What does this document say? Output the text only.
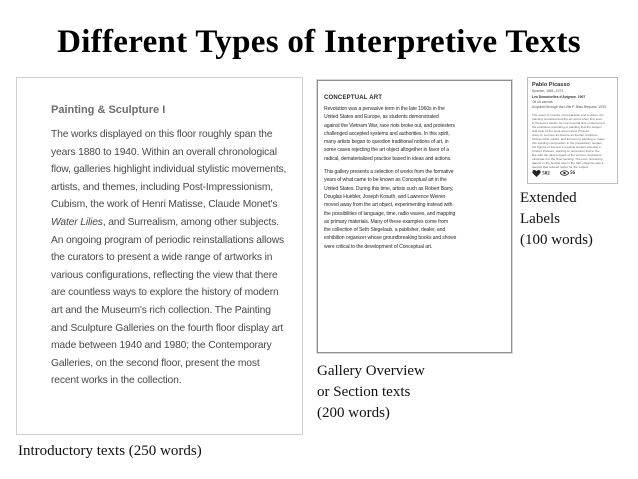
Different Types of Interpretive Texts
Painting & Sculpture I

The works displayed on this floor roughly span the
years 1880 to 1940. Within an overall chronological
flow, galleries highlight individual stylistic movements,
artists, and themes, including Post-Impressionism,
Cubism, the work of Henri Matisse, Claude Monet's
Water Lilies, and Surrealism, among other subjects.
An ongoing program of periodic reinstallations allows
the curators to present a wide range of artworks in
various configurations, reflecting the view that there
are countless ways to explore the history of modern
art and the Museum's rich collection. The Painting
and Sculpture Galleries on the fourth floor display art
made between 1940 and 1980; the Contemporary
Galleries, on the second floor, present the most
recent works in the collection.

CONCEPTUAL ART

Revolution was a pervasive term in the late 1960s in the
United States and Europe, as students demonstrated
against the Vietnam War, race riots broke out, and protesters
challenged accepted systems and authorities. In this spirit,
many artists began to question traditional notions of art, in
some cases rejecting the art object altogether in favor of a
radical, dematerialized practice based in ideas and actions.

This gallery presents a selection of works from the formative
years of what came to be known as Conceptual art in the
United States. During this time, artists such as Robert Barry,
Douglas Huebler, Joseph Kosuth, and Lawrence Weiner
moved away from the art object, experimenting instead with
the possibilities of language, time, radio waves, and mapping
as primary materials. Many of these examples come from
the collection of Seth Siegelaub, a publisher, dealer, and
exhibition organizer whose groundbreaking books and shows
were critical to the development of Conceptual art.

Pablo Picasso
Spanish, 1881–1973
Les Demoiselles d'Avignon. 1907
Oil on canvas
Acquired through the Lillie P. Bliss Bequest. 1939
The result of months of preparation and revision, the
painting revolutionized the art world when first seen
in Picasso's studio. Its monumental size underscored
the ambitious reworking of painting that the subject
and style of the work announced. Picasso
drew on sources as diverse as Iberian sculpture,
African tribal masks, and El Greco's painting to make
this startling composition in the preparatory studies,
the figures of interest a medical student entering a
brothel. Picasso, wanting to remember that to the
like with the direct regard of the women, decided to
eliminate it in the final painting. The even remaining
dancer in the brothel was in the hall, chagrine was a
derelict that refused rather for the subject.
502	56
Introductory texts (250 words)
Gallery Overview
or Section texts
(200 words)
Extended
Labels
(100 words)
